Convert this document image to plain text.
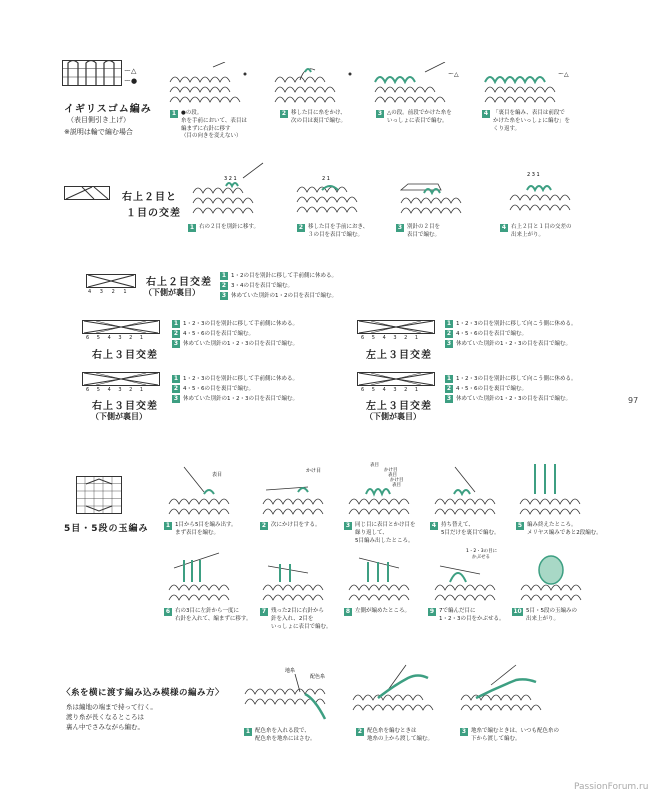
ー△
ー●
イギリスゴム編み
（表目側引き上げ）
※説明は輪で編む場合
ー△	ー△
1 ●の段。
糸を手前において、表目は
編まずに右針に移す
（目の向きを変えない）
2 移した目に糸をかけ、
次の目は裏目で編む。
3 △の段。前段でかけた糸を
いっしょに表目で編む。
4 「裏目を編み、表目は前段で
かけた糸をいっしょに編む」を
くり返す。
右上２目と
１目の交差
3 2 1	2 1
2 3 1
1 右の２目を別針に移す。	2 移した目を手前におき、
３の目を表目で編む。
3 別針の２目を
表目で編む。
4 右上２目と１目の交差の
出来上がり。
4 3 2 1
右上２目交差
（下側が裏目）
1 1・2の目を別針に移して手前側に休める。
2 3・4の目を表目で編む。
3 休めていた別針の1・2の目を表目で編む。
6 5 4 3 2 1
右上３目交差
1 1・2・3の目を別針に移して手前側に休める。
2 4・5・6の目を表目で編む。
3 休めていた別針の1・2・3の目を表目で編む。
6 5 4 3 2 1
左上３目交差
1 1・2・3の目を別針に移して向こう側に休める。
2 4・5・6の目を表目で編む。
3 休めていた別針の1・2・3の目を表目で編む。
6 5 4 3 2 1
右上３目交差
（下側が裏目）
1 1・2・3の目を別針に移して手前側に休める。
2 4・5・6の目を裏目で編む。
3 休めていた別針の1・2・3の目を表目で編む。
6 5 4 3 2 1
左上３目交差
（下側が裏目）
1 1・2・3の目を別針に移して向こう側に休める。
2 4・5・6の目を裏目で編む。
3 休めていた別針の1・2・3の目を表目で編む。	97
5目・5段の玉編み
表目
かけ目
表目
かけ目
表目
かけ目
表目
1 1目から5目を編み出す。
まず表目を編む。
2 次にかけ目をする。	3 同じ目に表目とかけ目を
繰り返して、
5目編み出したところ。
4 持ち替えて、
5目だけを裏目で編む。
5 編み終えたところ。
メリヤス編みであと2段編む。
1・2・3の目に
かぶせる
6 右の3目に左針から一度に
右針を入れて、編まずに移す。
7 残った2目に右針から
針を入れ、2目を
いっしょに表目で編む。
8 左側が編めたところ。	9 7で編んだ目に
1・2・3の目をかぶせる。
10 5目・5段の玉編みの
出来上がり。
〈糸を横に渡す編み込み模様の編み方〉
糸は編地の端まで持って行く。
渡り糸が長くなるところは
裏ん中でさみながら編む。
地糸
配色糸
1 配色糸を入れる段で、
配色糸を地糸にはさむ。
2 配色糸を編むときは
地糸の上から渡して編む。
3 地糸で編むときは、いつも配色糸の
下から渡して編む。
PassionForum.ru
